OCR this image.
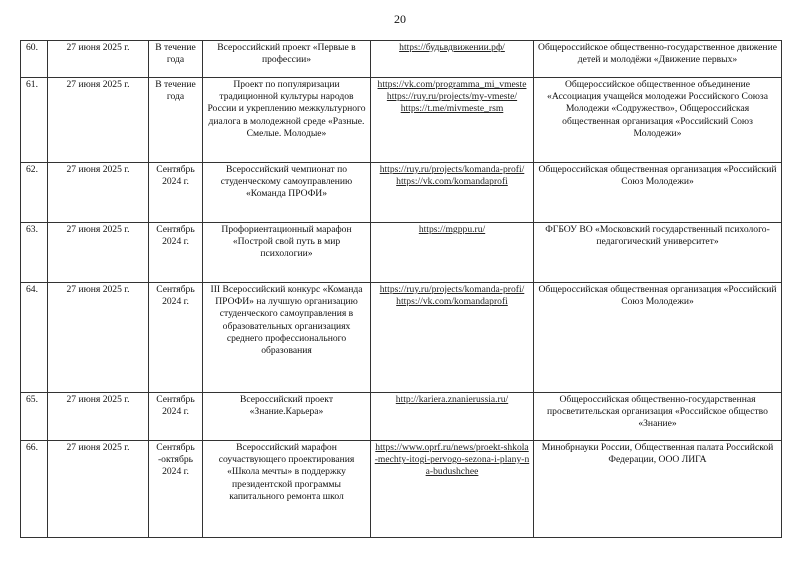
20
60.	27 июня 2025 г.	В течение года	Всероссийский проект «Первые в профессии»	https://будьвдвижении.рф/	Общероссийское общественно-государственное движение детей и молодёжи «Движение первых»
61.	27 июня 2025 г.	В течение года	Проект по популяризации традиционной культуры народов России и укреплению межкультурного диалога в молодежной среде «Разные. Смелые. Молодые»	https://vk.com/programma_mi_vmeste
https://ruy.ru/projects/my-vmeste/
https://t.me/mivmeste_rsm	Общероссийское общественное объединение «Ассоциация учащейся молодежи Российского Союза Молодежи «Содружество», Общероссийская общественная организация «Российский Союз Молодежи»
62.	27 июня 2025 г.	Сентябрь 2024 г.	Всероссийский чемпионат по студенческому самоуправлению «Команда ПРОФИ»	https://ruy.ru/projects/komanda-profi/
https://vk.com/komandaprofi	Общероссийская общественная организация «Российский Союз Молодежи»
63.	27 июня 2025 г.	Сентябрь 2024 г.	Профориентационный марафон «Построй свой путь в мир психологии»	https://mgppu.ru/	ФГБОУ ВО «Московский государственный психолого-педагогический университет»
64.	27 июня 2025 г.	Сентябрь 2024 г.	III Всероссийский конкурс «Команда ПРОФИ» на лучшую организацию студенческого самоуправления в образовательных организациях среднего профессионального образования	https://ruy.ru/projects/komanda-profi/
https://vk.com/komandaprofi	Общероссийская общественная организация «Российский Союз Молодежи»
65.	27 июня 2025 г.	Сентябрь 2024 г.	Всероссийский проект «Знание.Карьера»	http://kariera.znanierussia.ru/	Общероссийская общественно-государственная просветительская организация «Российское общество «Знание»
66.	27 июня 2025 г.	Сентябрь -октябрь 2024 г.	Всероссийский марафон соучаствующего проектирования «Школа мечты» в поддержку президентской программы капитального ремонта школ	https://www.oprf.ru/news/proekt-shkola-mechty-itogi-pervogo-sezona-i-plany-na-budushchee	Минобрнауки России, Общественная палата Российской Федерации, ООО ЛИГА
